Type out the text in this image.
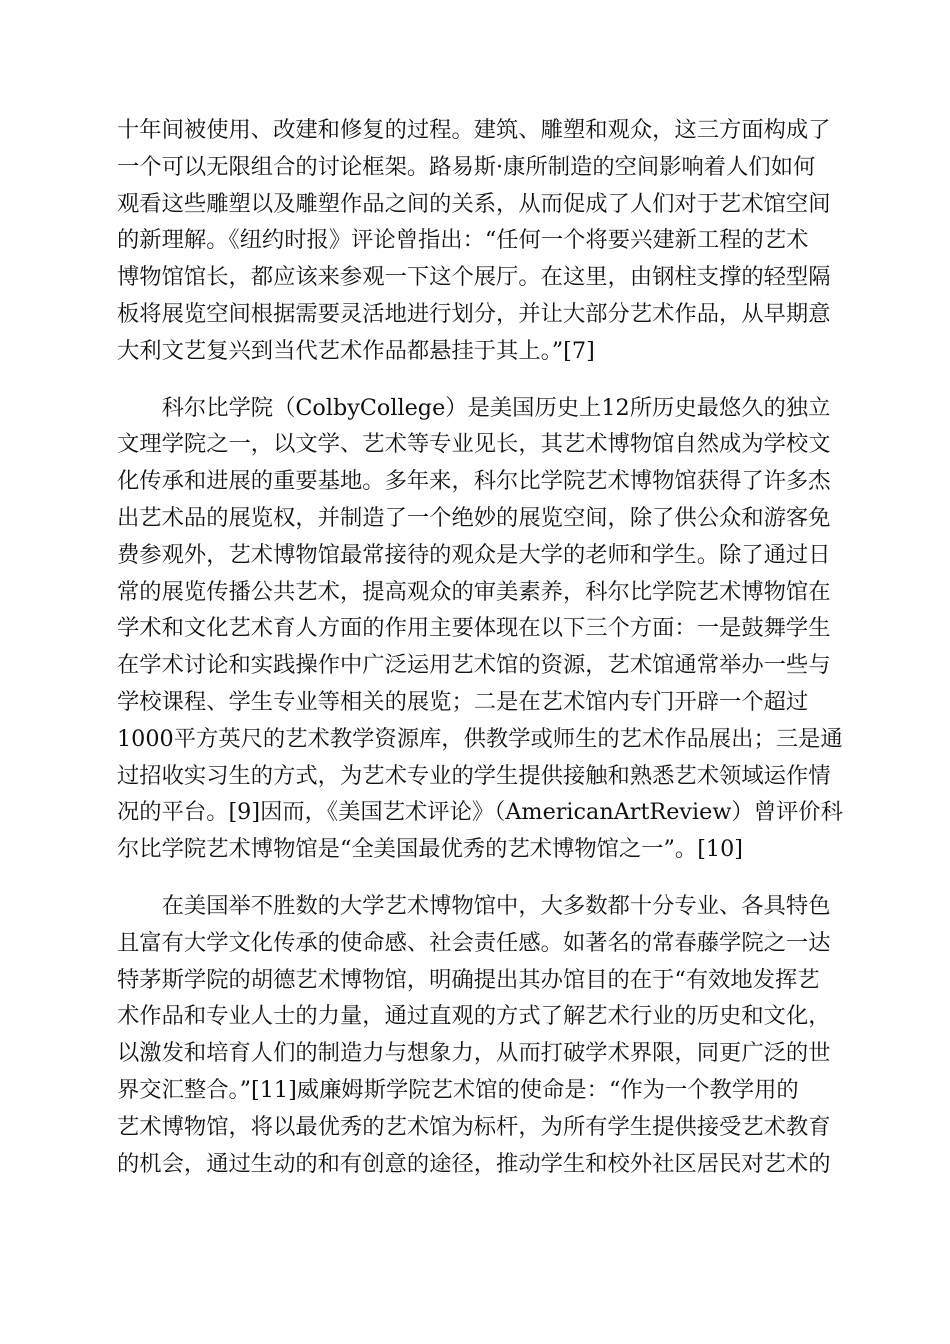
十年间被使用、改建和修复的过程。建筑、雕塑和观众，这三方面构成了
一个可以无限组合的讨论框架。路易斯·康所制造的空间影响着人们如何
观看这些雕塑以及雕塑作品之间的关系，从而促成了人们对于艺术馆空间
的新理解。《纽约时报》评论曾指出：“任何一个将要兴建新工程的艺术
博物馆馆长，都应该来参观一下这个展厅。在这里，由钢柱支撑的轻型隔
板将展览空间根据需要灵活地进行划分，并让大部分艺术作品，从早期意
大利文艺复兴到当代艺术作品都悬挂于其上。”[7]
　　科尔比学院（ColbyCollege）是美国历史上12所历史最悠久的独立
文理学院之一，以文学、艺术等专业见长，其艺术博物馆自然成为学校文
化传承和进展的重要基地。多年来，科尔比学院艺术博物馆获得了许多杰
出艺术品的展览权，并制造了一个绝妙的展览空间，除了供公众和游客免
费参观外，艺术博物馆最常接待的观众是大学的老师和学生。除了通过日
常的展览传播公共艺术，提高观众的审美素养，科尔比学院艺术博物馆在
学术和文化艺术育人方面的作用主要体现在以下三个方面：一是鼓舞学生
在学术讨论和实践操作中广泛运用艺术馆的资源，艺术馆通常举办一些与
学校课程、学生专业等相关的展览；二是在艺术馆内专门开辟一个超过
1000平方英尺的艺术教学资源库，供教学或师生的艺术作品展出；三是通
过招收实习生的方式，为艺术专业的学生提供接触和熟悉艺术领域运作情
况的平台。[9]因而，《美国艺术评论》（AmericanArtReview）曾评价科
尔比学院艺术博物馆是“全美国最优秀的艺术博物馆之一”。[10]
　　在美国举不胜数的大学艺术博物馆中，大多数都十分专业、各具特色
且富有大学文化传承的使命感、社会责任感。如著名的常春藤学院之一达
特茅斯学院的胡德艺术博物馆，明确提出其办馆目的在于“有效地发挥艺
术作品和专业人士的力量，通过直观的方式了解艺术行业的历史和文化，
以激发和培育人们的制造力与想象力，从而打破学术界限，同更广泛的世
界交汇整合。”[11]威廉姆斯学院艺术馆的使命是：“作为一个教学用的
艺术博物馆，将以最优秀的艺术馆为标杆，为所有学生提供接受艺术教育
的机会，通过生动的和有创意的途径，推动学生和校外社区居民对艺术的
